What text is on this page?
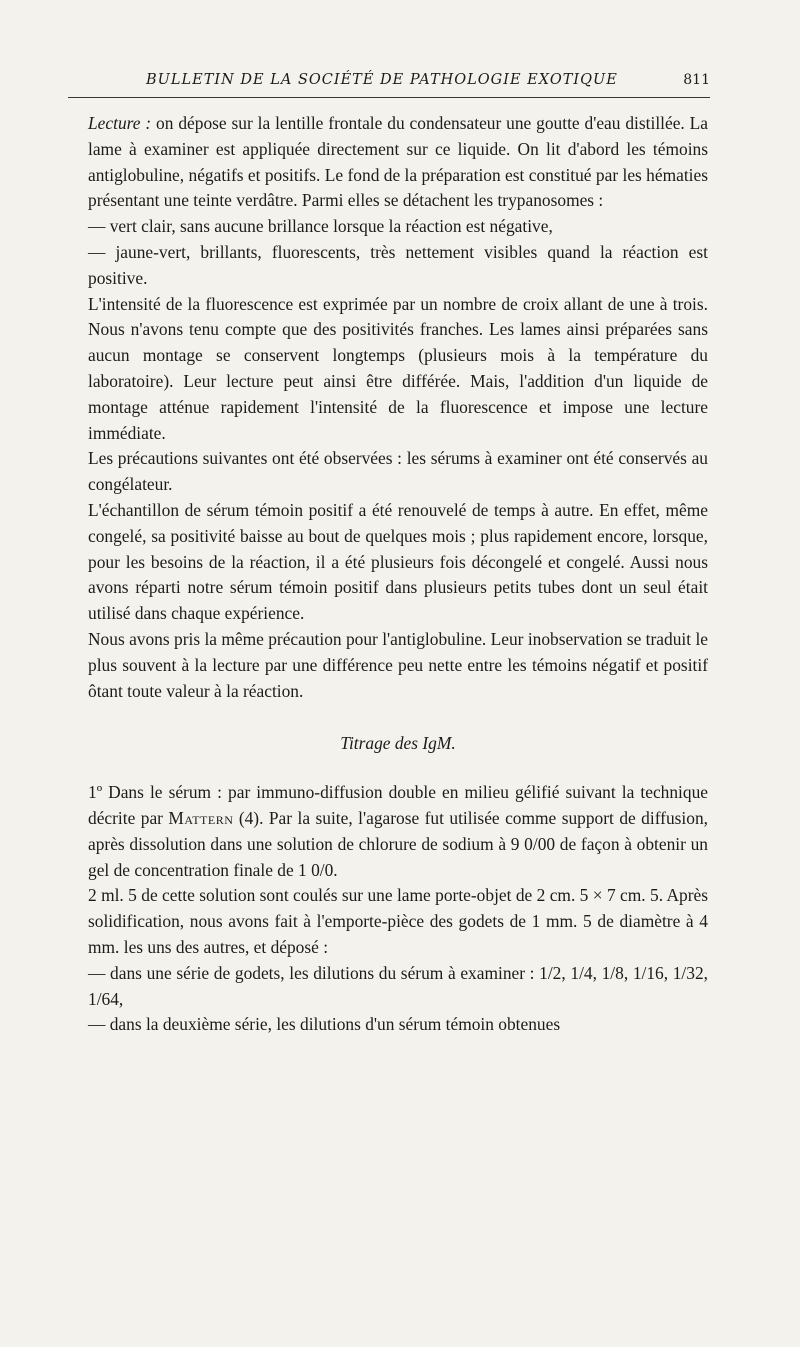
BULLETIN DE LA SOCIÉTÉ DE PATHOLOGIE EXOTIQUE	811

Lecture : on dépose sur la lentille frontale du condensateur une goutte d'eau distillée. La lame à examiner est appliquée directement sur ce liquide. On lit d'abord les témoins antiglobuline, négatifs et positifs. Le fond de la préparation est constitué par les hématies présentant une teinte verdâtre. Parmi elles se détachent les trypanosomes :

— vert clair, sans aucune brillance lorsque la réaction est négative,

— jaune-vert, brillants, fluorescents, très nettement visibles quand la réaction est positive.

L'intensité de la fluorescence est exprimée par un nombre de croix allant de une à trois. Nous n'avons tenu compte que des positivités franches. Les lames ainsi préparées sans aucun montage se conservent longtemps (plusieurs mois à la température du laboratoire). Leur lecture peut ainsi être différée. Mais, l'addition d'un liquide de montage atténue rapidement l'intensité de la fluorescence et impose une lecture immédiate.

Les précautions suivantes ont été observées : les sérums à examiner ont été conservés au congélateur.

L'échantillon de sérum témoin positif a été renouvelé de temps à autre. En effet, même congelé, sa positivité baisse au bout de quelques mois ; plus rapidement encore, lorsque, pour les besoins de la réaction, il a été plusieurs fois décongelé et congelé. Aussi nous avons réparti notre sérum témoin positif dans plusieurs petits tubes dont un seul était utilisé dans chaque expérience.

Nous avons pris la même précaution pour l'antiglobuline. Leur inobservation se traduit le plus souvent à la lecture par une différence peu nette entre les témoins négatif et positif ôtant toute valeur à la réaction.

Titrage des IgM.

1º Dans le sérum : par immuno-diffusion double en milieu gélifié suivant la technique décrite par Mattern (4). Par la suite, l'agarose fut utilisée comme support de diffusion, après dissolution dans une solution de chlorure de sodium à 9 0/00 de façon à obtenir un gel de concentration finale de 1 0/0.

2 ml. 5 de cette solution sont coulés sur une lame porte-objet de 2 cm. 5 × 7 cm. 5. Après solidification, nous avons fait à l'emporte-pièce des godets de 1 mm. 5 de diamètre à 4 mm. les uns des autres, et déposé :

— dans une série de godets, les dilutions du sérum à examiner : 1/2, 1/4, 1/8, 1/16, 1/32, 1/64,

— dans la deuxième série, les dilutions d'un sérum témoin obtenues
